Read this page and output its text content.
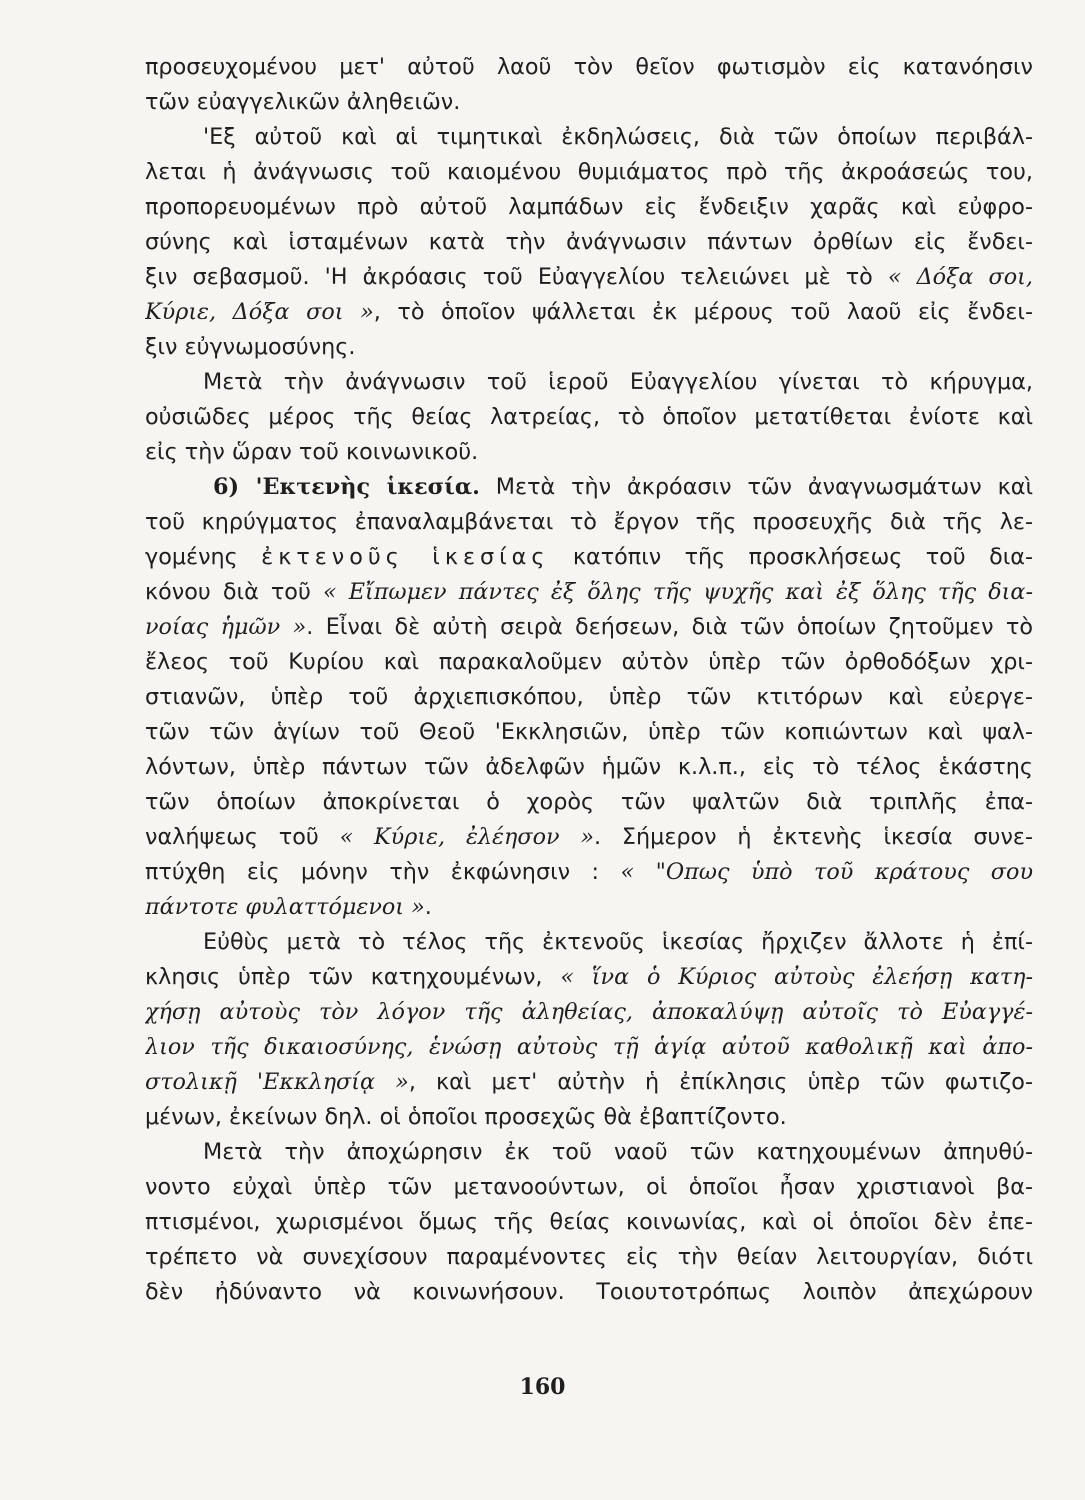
προσευχομένου μετ' αὐτοῦ λαοῦ τὸν θεῖον φωτισμὸν εἰς κατανόησιν
τῶν εὐαγγελικῶν ἀληθειῶν.
'Εξ αὐτοῦ καὶ αἱ τιμητικαὶ ἐκδηλώσεις, διὰ τῶν ὁποίων περιβάλ-
λεται ἡ ἀνάγνωσις τοῦ καιομένου θυμιάματος πρὸ τῆς ἀκροάσεώς του,
προπορευομένων πρὸ αὐτοῦ λαμπάδων εἰς ἔνδειξιν χαρᾶς καὶ εὐφρο-
σύνης καὶ ἱσταμένων κατὰ τὴν ἀνάγνωσιν πάντων ὀρθίων εἰς ἔνδει-
ξιν σεβασμοῦ. 'Η ἀκρόασις τοῦ Εὐαγγελίου τελειώνει μὲ τὸ « Δόξα σοι,
Κύριε, Δόξα σοι », τὸ ὁποῖον ψάλλεται ἐκ μέρους τοῦ λαοῦ εἰς ἔνδει-
ξιν εὐγνωμοσύνης.
Μετὰ τὴν ἀνάγνωσιν τοῦ ἱεροῦ Εὐαγγελίου γίνεται τὸ κήρυγμα,
οὐσιῶδες μέρος τῆς θείας λατρείας, τὸ ὁποῖον μετατίθεται ἐνίοτε καὶ
εἰς τὴν ὥραν τοῦ κοινωνικοῦ.
6) 'Εκτενὴς ἱκεσία. Μετὰ τὴν ἀκρόασιν τῶν ἀναγνωσμάτων καὶ
τοῦ κηρύγματος ἐπαναλαμβάνεται τὸ ἔργον τῆς προσευχῆς διὰ τῆς λε-
γομένης ἐκτενοῦς ἱκεσίας κατόπιν τῆς προσκλήσεως τοῦ δια-
κόνου διὰ τοῦ « Εἴπωμεν πάντες ἐξ ὅλης τῆς ψυχῆς καὶ ἐξ ὅλης τῆς δια-
νοίας ἡμῶν ». Εἶναι δὲ αὐτὴ σειρὰ δεήσεων, διὰ τῶν ὁποίων ζητοῦμεν τὸ
ἔλεος τοῦ Κυρίου καὶ παρακαλοῦμεν αὐτὸν ὑπὲρ τῶν ὀρθοδόξων χρι-
στιανῶν, ὑπὲρ τοῦ ἀρχιεπισκόπου, ὑπὲρ τῶν κτιτόρων καὶ εὐεργε-
τῶν τῶν ἁγίων τοῦ Θεοῦ 'Εκκλησιῶν, ὑπὲρ τῶν κοπιώντων καὶ ψαλ-
λόντων, ὑπὲρ πάντων τῶν ἀδελφῶν ἡμῶν κ.λ.π., εἰς τὸ τέλος ἑκάστης
τῶν ὁποίων ἀποκρίνεται ὁ χορὸς τῶν ψαλτῶν διὰ τριπλῆς ἐπα-
ναλήψεως τοῦ « Κύριε, ἐλέησον ». Σήμερον ἡ ἐκτενὴς ἱκεσία συνε-
πτύχθη εἰς μόνην τὴν ἐκφώνησιν : « "Οπως ὑπὸ τοῦ κράτους σου
πάντοτε φυλαττόμενοι ».
Εὐθὺς μετὰ τὸ τέλος τῆς ἐκτενοῦς ἱκεσίας ἤρχιζεν ἄλλοτε ἡ ἐπί-
κλησις ὑπὲρ τῶν κατηχουμένων, « ἵνα ὁ Κύριος αὐτοὺς ἐλεήσῃ κατη-
χήσῃ αὐτοὺς τὸν λόγον τῆς ἀληθείας, ἀποκαλύψῃ αὐτοῖς τὸ Εὐαγγέ-
λιον τῆς δικαιοσύνης, ἑνώσῃ αὐτοὺς τῇ ἁγίᾳ αὐτοῦ καθολικῇ καὶ ἀπο-
στολικῇ 'Εκκλησίᾳ », καὶ μετ' αὐτὴν ἡ ἐπίκλησις ὑπὲρ τῶν φωτιζο-
μένων, ἐκείνων δηλ. οἱ ὁποῖοι προσεχῶς θὰ ἐβαπτίζοντο.
Μετὰ τὴν ἀποχώρησιν ἐκ τοῦ ναοῦ τῶν κατηχουμένων ἀπηυθύ-
νοντο εὐχαὶ ὑπὲρ τῶν μετανοούντων, οἱ ὁποῖοι ἦσαν χριστιανοὶ βα-
πτισμένοι, χωρισμένοι ὅμως τῆς θείας κοινωνίας, καὶ οἱ ὁποῖοι δὲν ἐπε-
τρέπετο νὰ συνεχίσουν παραμένοντες εἰς τὴν θείαν λειτουργίαν, διότι
δὲν ἠδύναντο νὰ κοινωνήσουν. Τοιουτοτρόπως λοιπὸν ἀπεχώρουν
160
